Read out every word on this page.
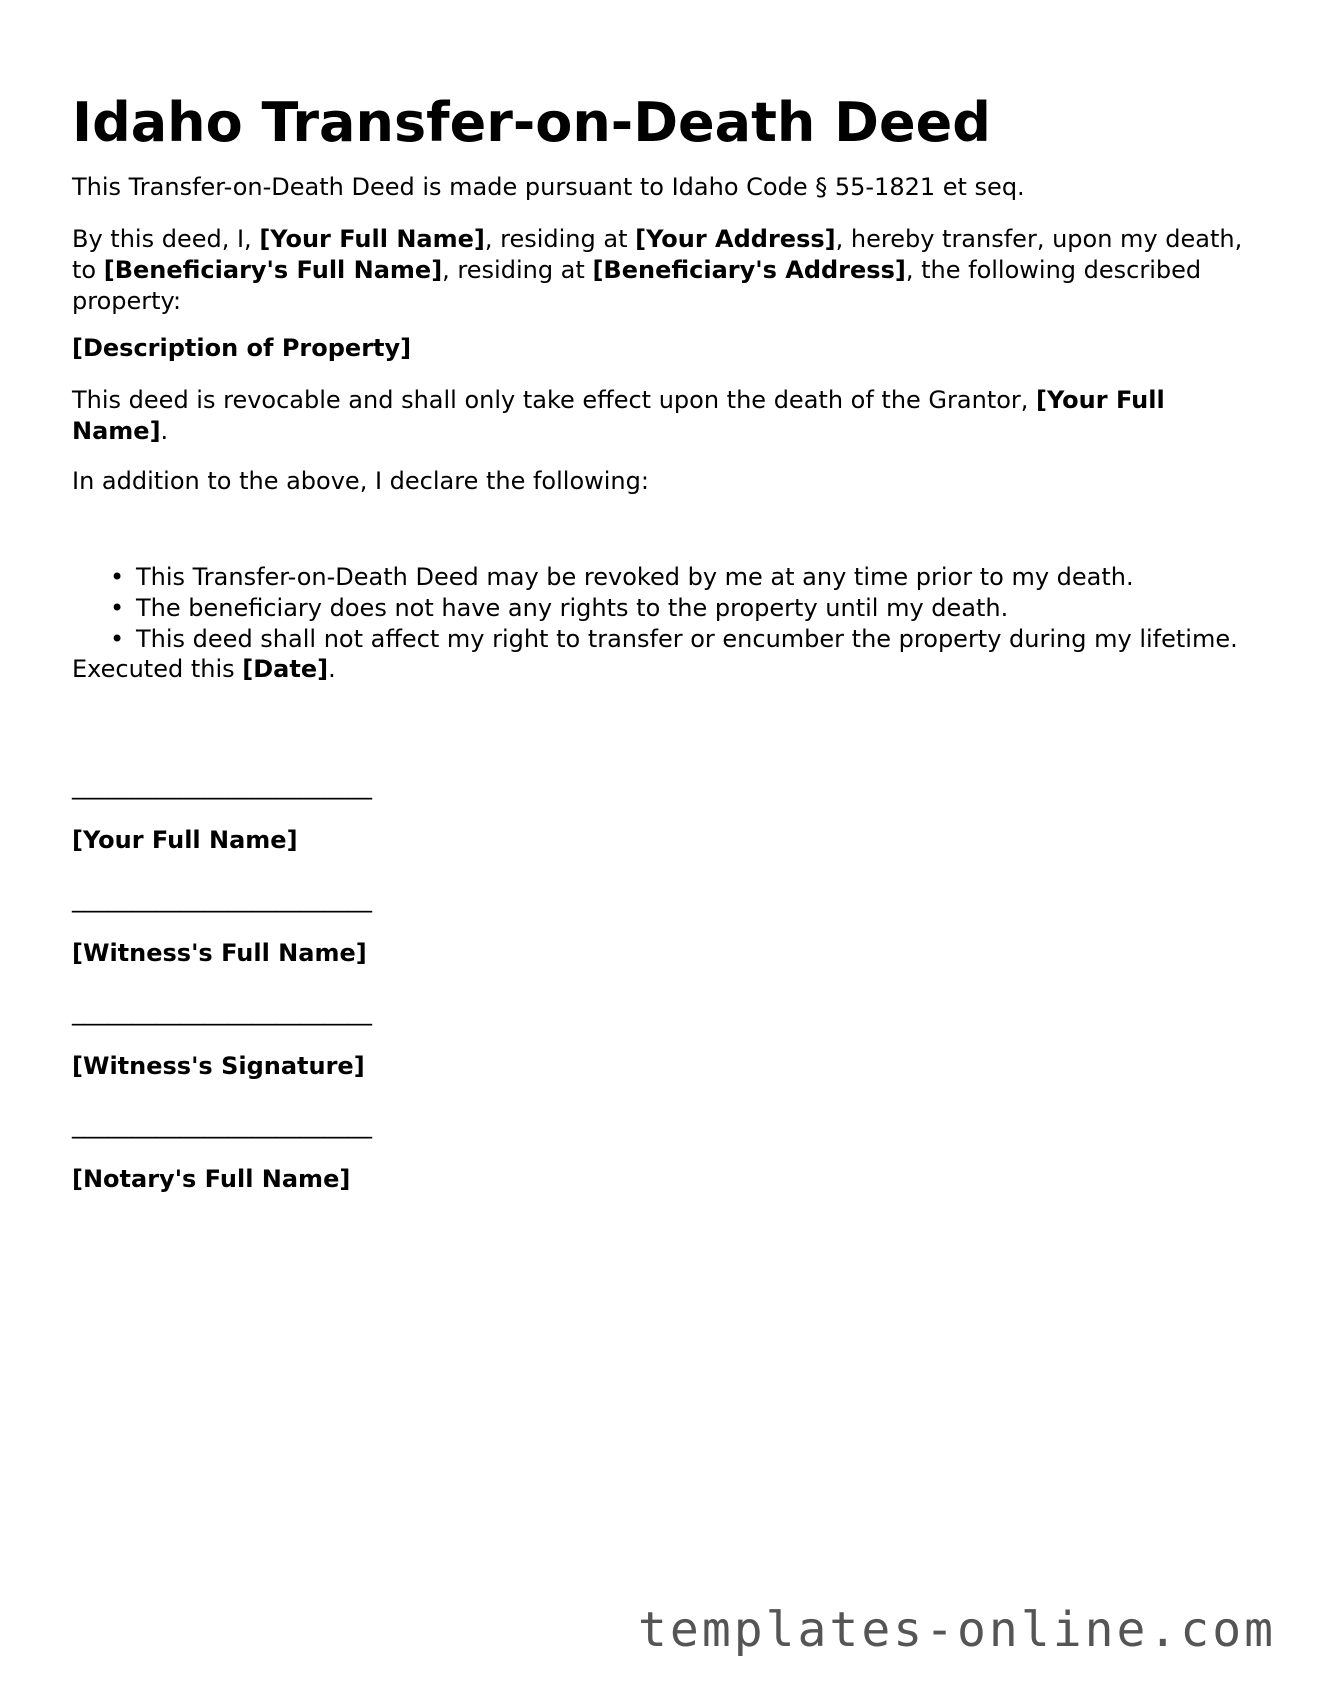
Idaho Transfer-on-Death Deed

This Transfer-on-Death Deed is made pursuant to Idaho Code § 55-1821 et seq.

By this deed, I, [Your Full Name], residing at [Your Address], hereby transfer, upon my death, to [Beneficiary's Full Name], residing at [Beneficiary's Address], the following described property:

[Description of Property]

This deed is revocable and shall only take effect upon the death of the Grantor, [Your Full Name].

In addition to the above, I declare the following:

• This Transfer-on-Death Deed may be revoked by me at any time prior to my death.
• The beneficiary does not have any rights to the property until my death.
• This deed shall not affect my right to transfer or encumber the property during my lifetime.

Executed this [Date].

_________________________
[Your Full Name]
_________________________
[Witness's Full Name]
_________________________
[Witness's Signature]
_________________________
[Notary's Full Name]
templates-online.com
